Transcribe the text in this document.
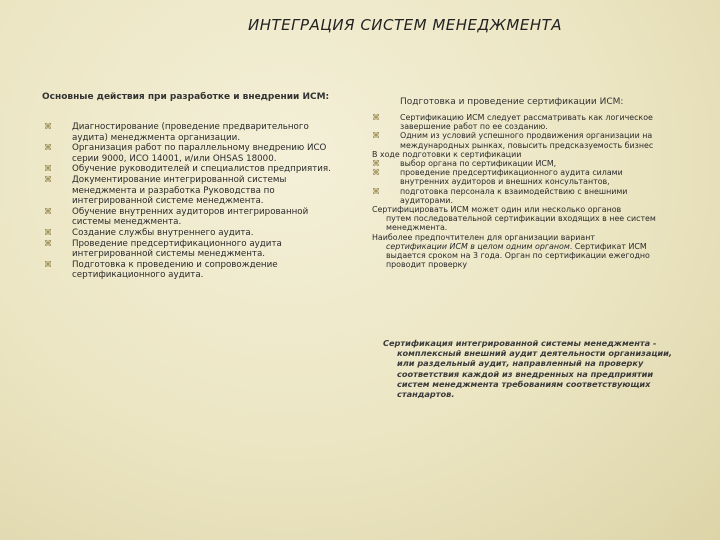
ИНТЕГРАЦИЯ СИСТЕМ МЕНЕДЖМЕНТА
Основные действия при разработке и внедрении ИСМ:
⌘ Диагностирование (проведение предварительного аудита) менеджмента организации.
⌘ Организация работ по параллельному внедрению ИСО серии 9000, ИСО 14001, и/или OHSAS 18000.
⌘ Обучение руководителей и специалистов предприятия.
⌘ Документирование интегрированной системы менеджмента и разработка Руководства по интегрированной системе менеджмента.
⌘ Обучение внутренних аудиторов интегрированной системы менеджмента.
⌘ Создание службы внутреннего аудита.
⌘ Проведение предсертификационного аудита интегрированной системы менеджмента.
⌘ Подготовка к проведению и сопровождение сертификационного аудита.
Подготовка и проведение сертификации ИСМ:
⌘	Сертификацию ИСМ следует рассматривать как логическое завершение работ по ее созданию.
⌘	Одним из условий успешного продвижения организации на международных рынках, повысить предсказуемость бизнес
В ходе подготовки к сертификации
⌘	выбор органа по сертификации ИСМ,
⌘	проведение предсертификационного аудита силами внутренних аудиторов и внешних консультантов,
⌘	подготовка персонала к взаимодействию с внешними аудиторами.
Сертифицировать ИСМ может один или несколько органов
путем последовательной сертификации входящих в нее систем менеджмента.
Наиболее предпочтителен для организации вариант
сертификации ИСМ в целом одним органом. Сертификат ИСМ выдается сроком на 3 года. Орган по сертификации ежегодно проводит проверку
Сертификация интегрированной системы менеджмента -
комплексный внешний аудит деятельности организации, или раздельный аудит, направленный на проверку соответствия каждой из внедренных на предприятии систем менеджмента требованиям соответствующих стандартов.
